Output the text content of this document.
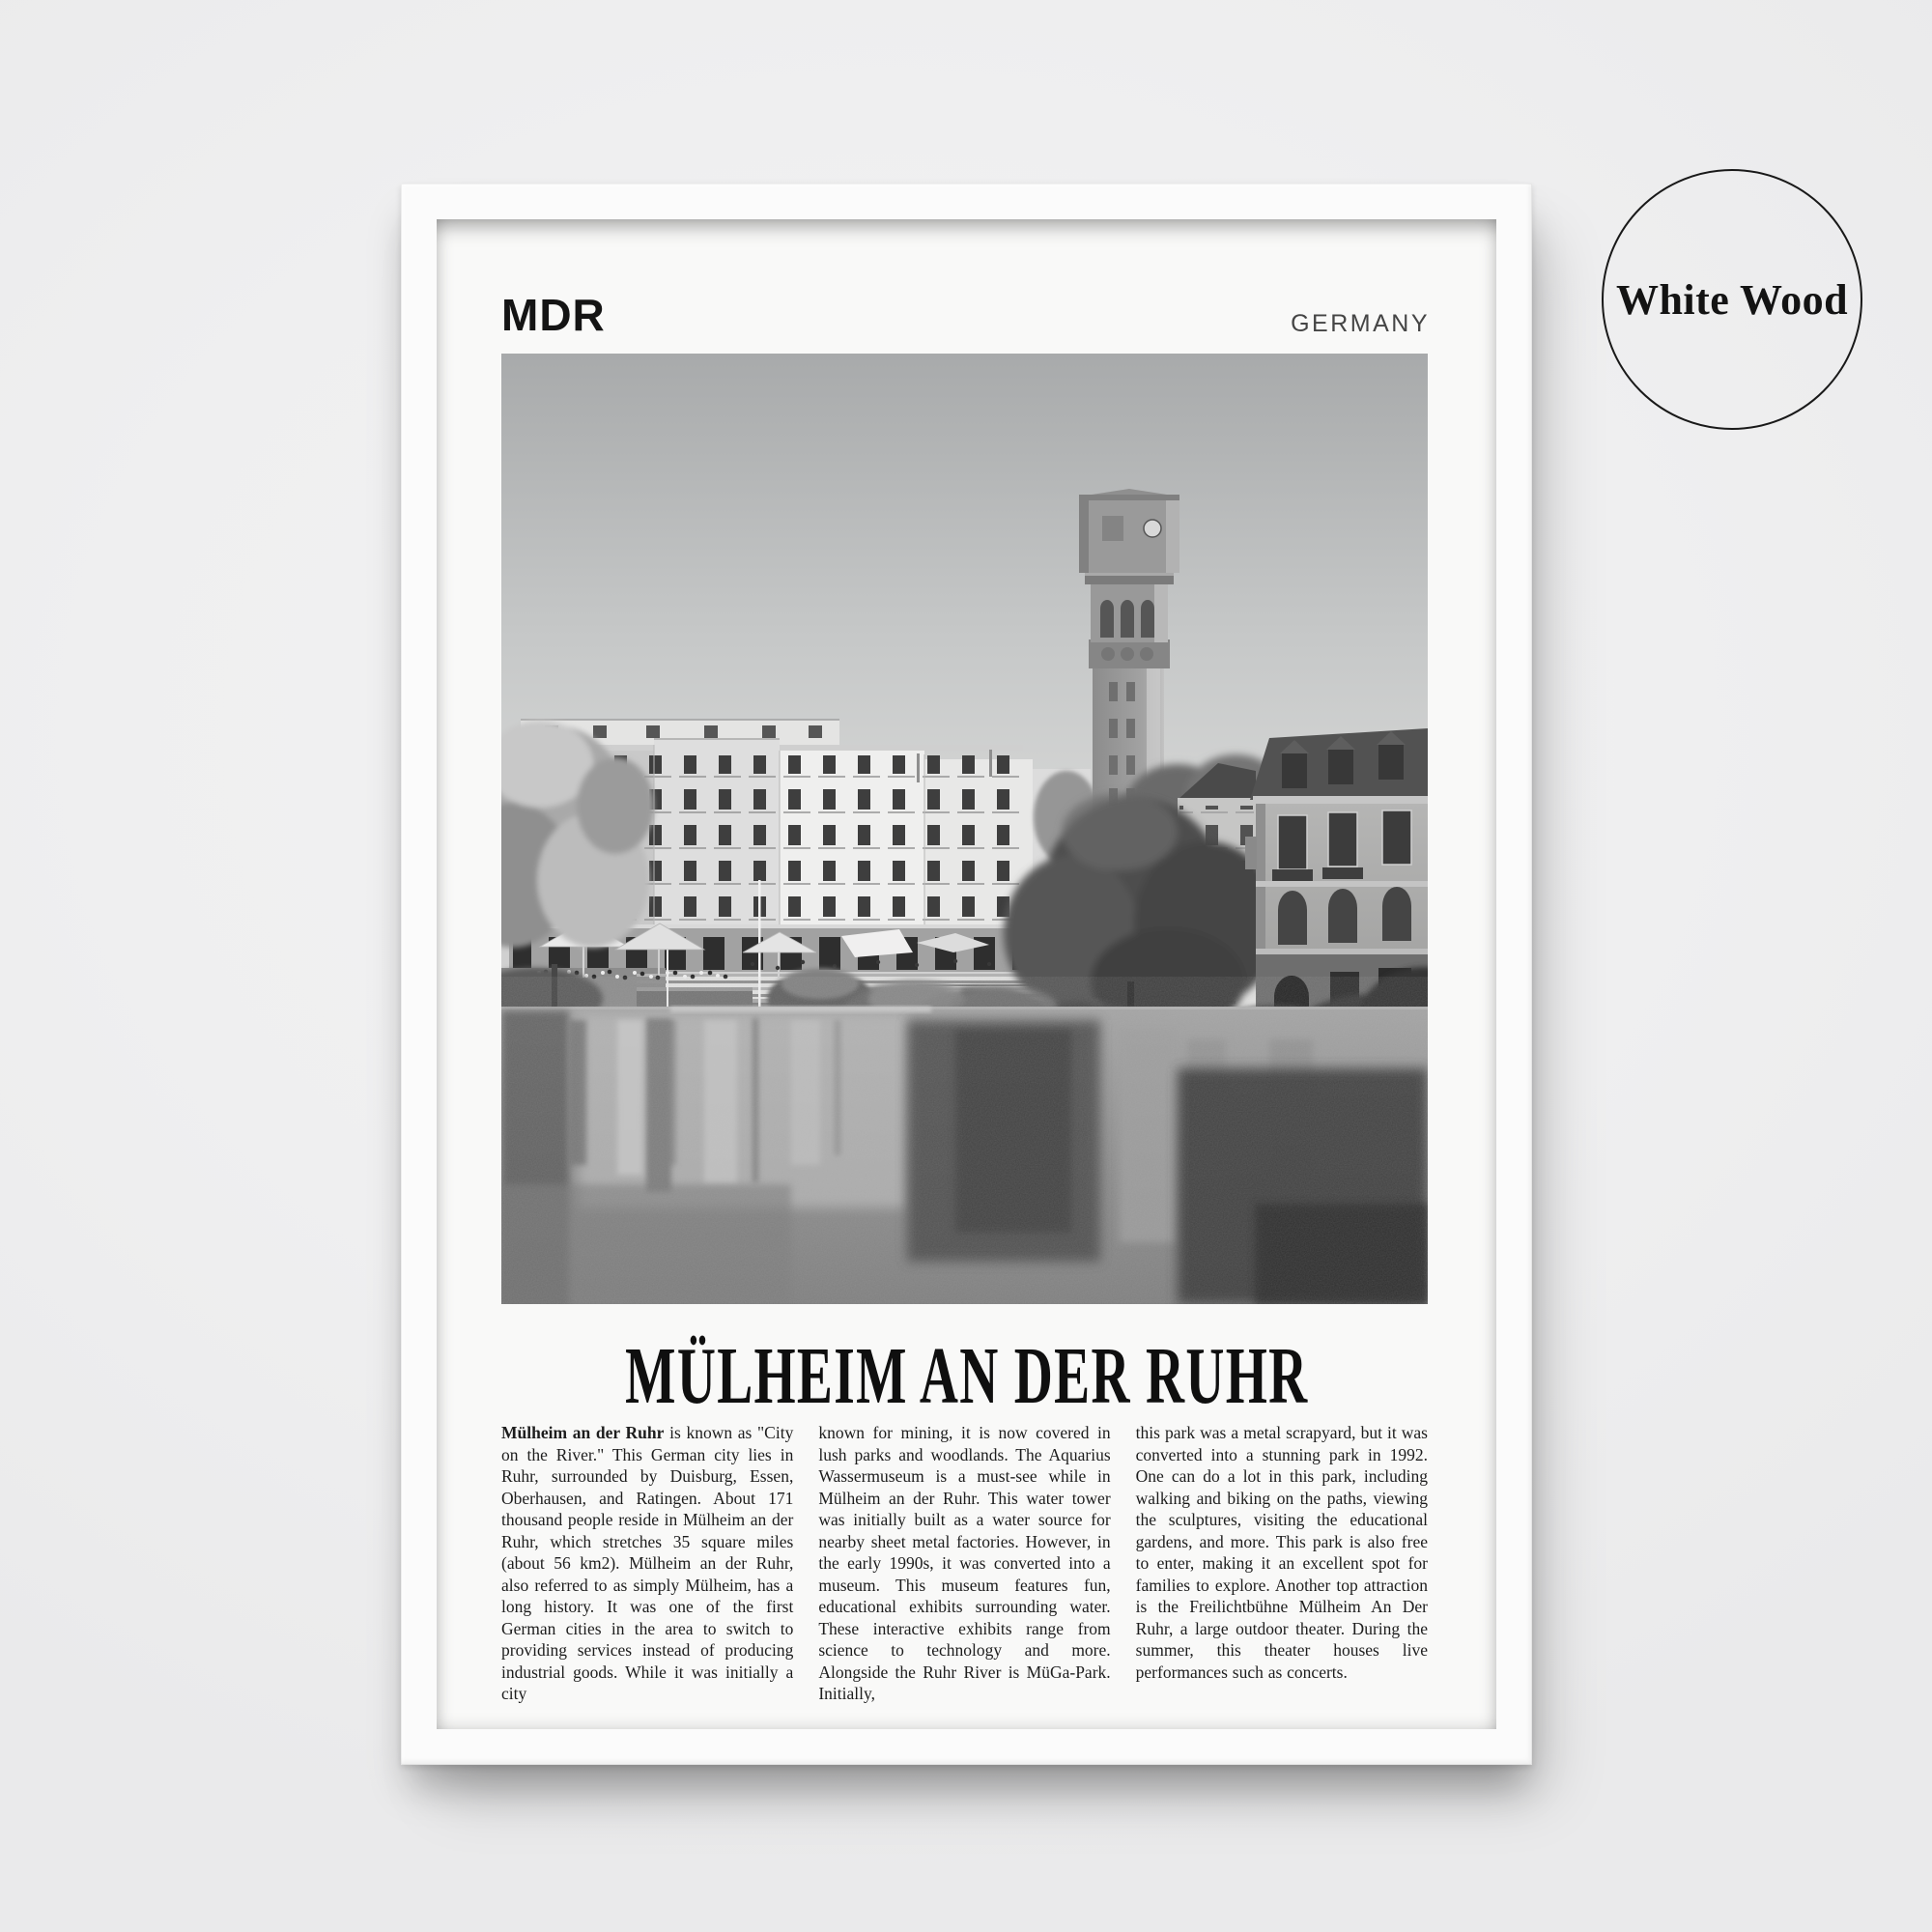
MDR	GERMANY
MÜLHEIM AN DER RUHR

Mülheim an der Ruhr is known as "City on the River." This German city lies in Ruhr, surrounded by Duisburg, Essen, Oberhausen, and Ratingen. About 171 thousand people reside in Mülheim an der Ruhr, which stretches 35 square miles (about 56 km2). Mülheim an der Ruhr, also referred to as simply Mülheim, has a long history. It was one of the first German cities in the area to switch to providing services instead of producing industrial goods. While it was initially a city

known for mining, it is now covered in lush parks and woodlands. The Aquarius Wassermuseum is a must-see while in Mülheim an der Ruhr. This water tower was initially built as a water source for nearby sheet metal factories. However, in the early 1990s, it was converted into a museum. This museum features fun, educational exhibits surrounding water. These interactive exhibits range from science to technology and more. Alongside the Ruhr River is MüGa-Park. Initially,

this park was a metal scrapyard, but it was converted into a stunning park in 1992. One can do a lot in this park, including walking and biking on the paths, viewing the sculptures, visiting the educational gardens, and more. This park is also free to enter, making it an excellent spot for families to explore. Another top attraction is the Freilichtbühne Mülheim An Der Ruhr, a large outdoor theater. During the summer, this theater houses live performances such as concerts.

White Wood
